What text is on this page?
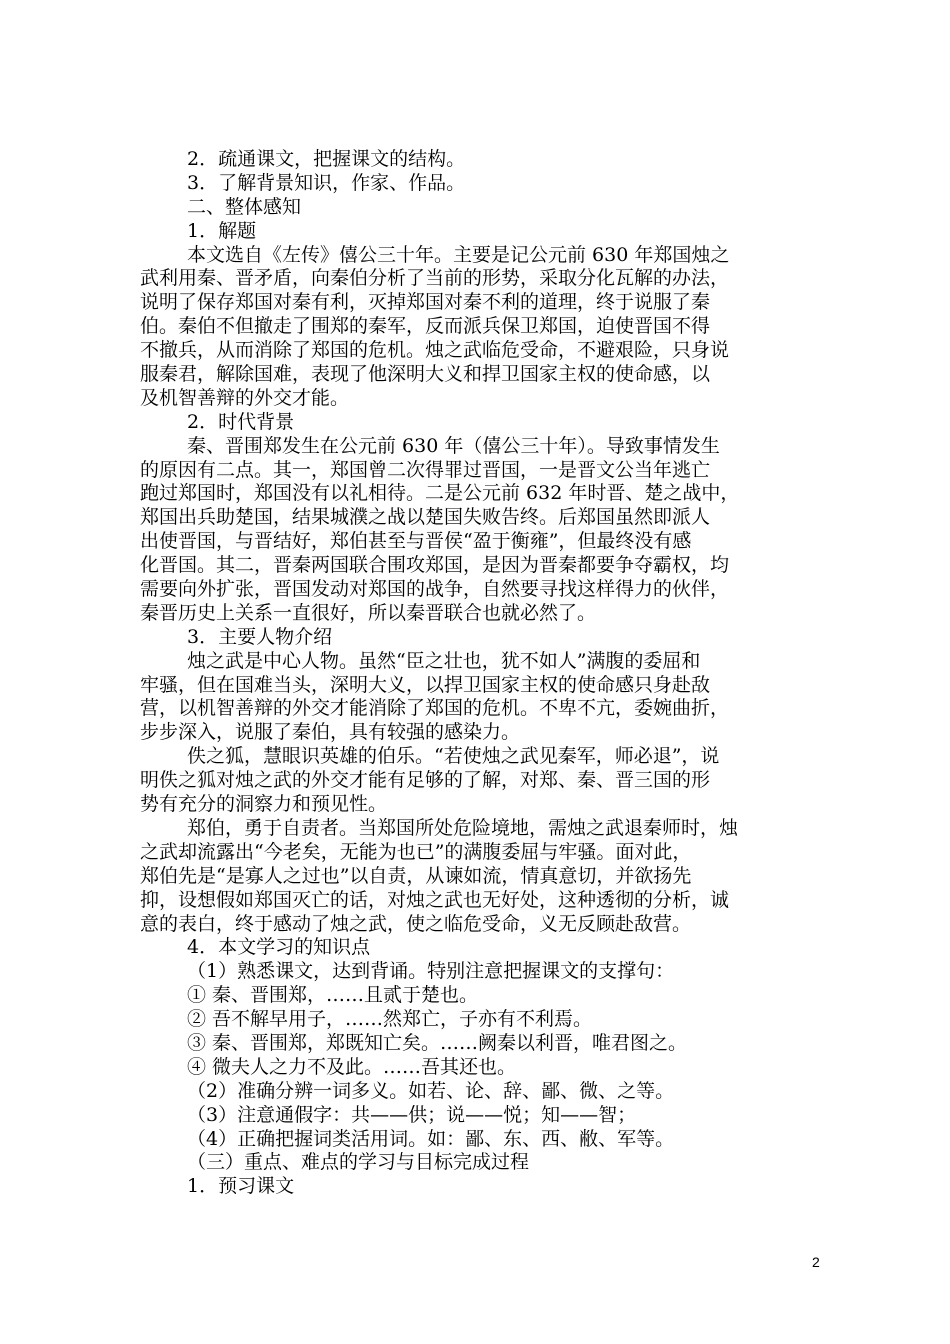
2．疏通课文，把握课文的结构。
3．了解背景知识，作家、作品。
二、整体感知
1．解题
本文选自《左传》僖公三十年。主要是记公元前 630 年郑国烛之
武利用秦、晋矛盾，向秦伯分析了当前的形势，采取分化瓦解的办法，
说明了保存郑国对秦有利，灭掉郑国对秦不利的道理，终于说服了秦
伯。秦伯不但撤走了围郑的秦军，反而派兵保卫郑国，迫使晋国不得
不撤兵，从而消除了郑国的危机。烛之武临危受命，不避艰险，只身说
服秦君，解除国难，表现了他深明大义和捍卫国家主权的使命感，以
及机智善辩的外交才能。
2．时代背景
秦、晋围郑发生在公元前 630 年（僖公三十年）。导致事情发生
的原因有二点。其一，郑国曾二次得罪过晋国，一是晋文公当年逃亡
跑过郑国时，郑国没有以礼相待。二是公元前 632 年时晋、楚之战中，
郑国出兵助楚国，结果城濮之战以楚国失败告终。后郑国虽然即派人
出使晋国，与晋结好，郑伯甚至与晋侯“盈于衡雍”，但最终没有感
化晋国。其二，晋秦两国联合围攻郑国，是因为晋秦都要争夺霸权，均
需要向外扩张，晋国发动对郑国的战争，自然要寻找这样得力的伙伴，
秦晋历史上关系一直很好，所以秦晋联合也就必然了。
3．主要人物介绍
烛之武是中心人物。虽然“臣之壮也，犹不如人”满腹的委屈和
牢骚，但在国难当头，深明大义，以捍卫国家主权的使命感只身赴敌
营，以机智善辩的外交才能消除了郑国的危机。不卑不亢，委婉曲折，
步步深入，说服了秦伯，具有较强的感染力。
佚之狐，慧眼识英雄的伯乐。“若使烛之武见秦军，师必退”，说
明佚之狐对烛之武的外交才能有足够的了解，对郑、秦、晋三国的形
势有充分的洞察力和预见性。
郑伯，勇于自责者。当郑国所处危险境地，需烛之武退秦师时，烛
之武却流露出“今老矣，无能为也已”的满腹委屈与牢骚。面对此，
郑伯先是“是寡人之过也”以自责，从谏如流，情真意切，并欲扬先
抑，设想假如郑国灭亡的话，对烛之武也无好处，这种透彻的分析，诚
意的表白，终于感动了烛之武，使之临危受命，义无反顾赴敌营。
4．本文学习的知识点
（1）熟悉课文，达到背诵。特别注意把握课文的支撑句：
① 秦、晋围郑，……且贰于楚也。
② 吾不解早用子，……然郑亡，子亦有不利焉。
③ 秦、晋围郑，郑既知亡矣。……阙秦以利晋，唯君图之。
④ 微夫人之力不及此。……吾其还也。
（2）准确分辨一词多义。如若、论、辞、鄙、微、之等。
（3）注意通假字：共——供；说——悦；知——智；
（4）正确把握词类活用词。如：鄙、东、西、敝、军等。
（三）重点、难点的学习与目标完成过程
1．预习课文
2
